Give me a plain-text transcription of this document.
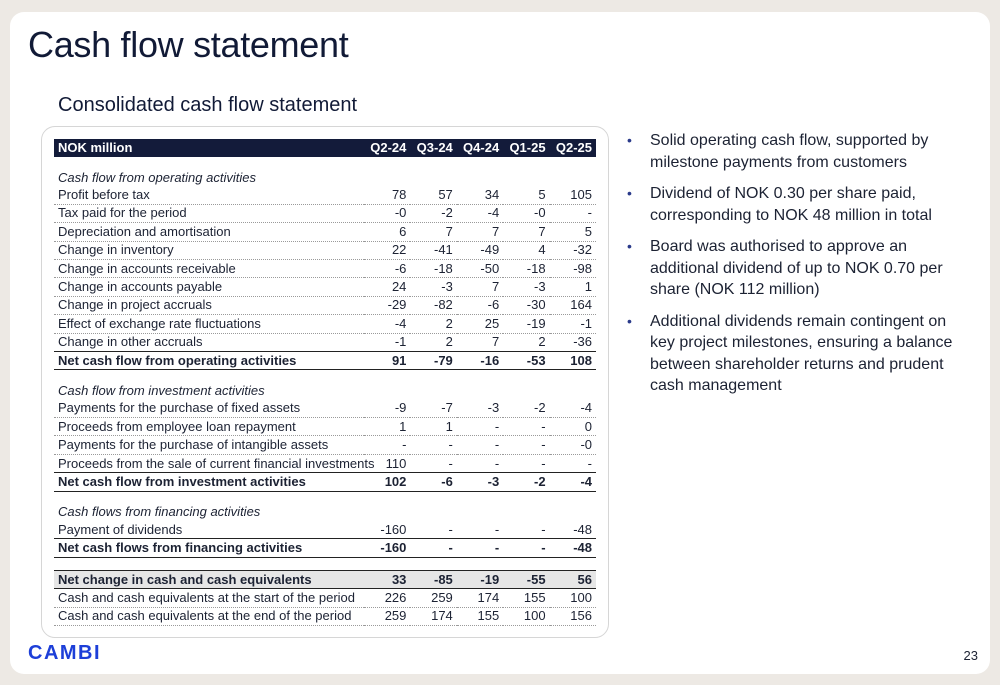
Cash flow statement
Consolidated cash flow statement
NOK million	Q2-24	Q3-24	Q4-24	Q1-25	Q2-25

Cash flow from operating activities					
Profit before tax	78	57	34	5	105
Tax paid for the period	-0	-2	-4	-0	-
Depreciation and amortisation	6	7	7	7	5
Change in inventory	22	-41	-49	4	-32
Change in accounts receivable	-6	-18	-50	-18	-98
Change in accounts payable	24	-3	7	-3	1
Change in project accruals	-29	-82	-6	-30	164
Effect of exchange rate fluctuations	-4	2	25	-19	-1
Change in other accruals	-1	2	7	2	-36
Net cash flow from operating activities	91	-79	-16	-53	108

Cash flow from investment activities					
Payments for the purchase of fixed assets	-9	-7	-3	-2	-4
Proceeds from employee loan repayment	1	1	-	-	0
Payments for the purchase of intangible assets	-	-	-	-	-0
Proceeds from the sale of current financial investments	110	-	-	-	-
Net cash flow from investment activities	102	-6	-3	-2	-4

Cash flows from financing activities					
Payment of dividends	-160	-	-	-	-48
Net cash flows from financing activities	-160	-	-	-	-48

Net change in cash and cash equivalents	33	-85	-19	-55	56
Cash and cash equivalents at the start of the period	226	259	174	155	100
Cash and cash equivalents at the end of the period	259	174	155	100	156
• Solid operating cash flow, supported by milestone payments from customers
• Dividend of NOK 0.30 per share paid, corresponding to NOK 48 million in total
• Board was authorised to approve an additional dividend of up to NOK 0.70 per share (NOK 112 million)
• Additional dividends remain contingent on key project milestones, ensuring a balance between shareholder returns and prudent cash management
CAMBI	23
